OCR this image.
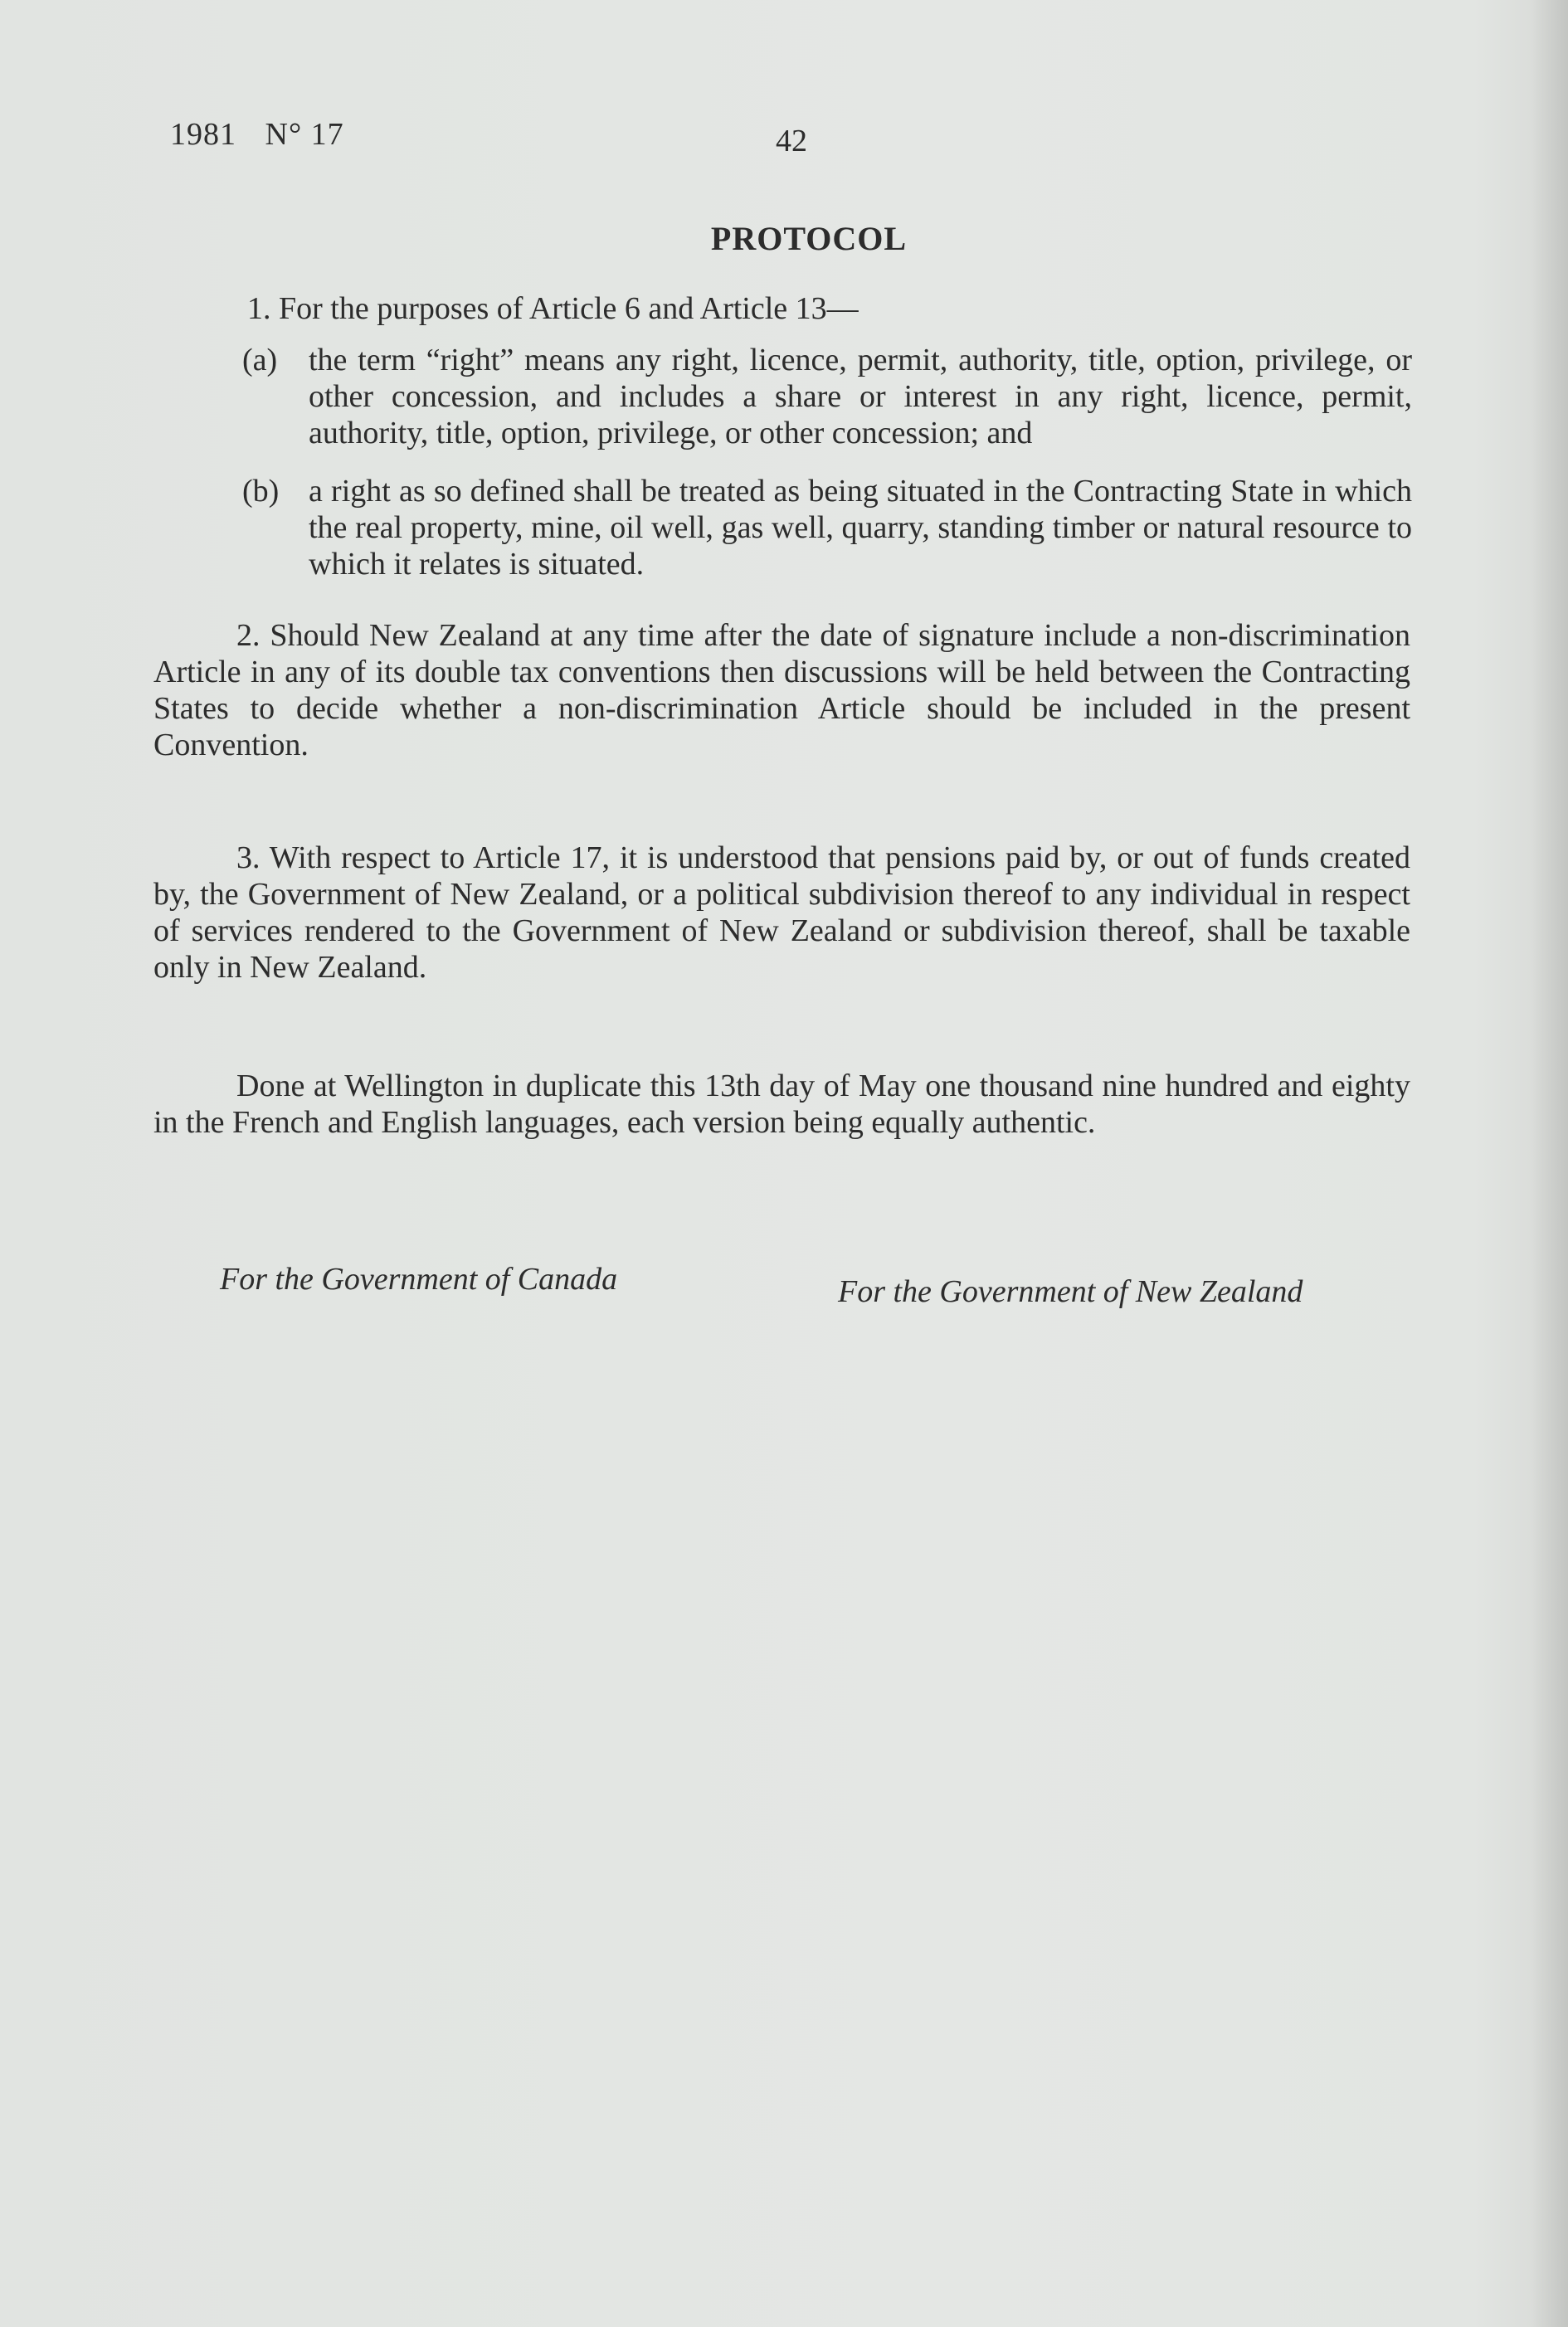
1981 N° 17	42
PROTOCOL
1. For the purposes of Article 6 and Article 13—
(a) the term “right” means any right, licence, permit, authority, title, option, privilege, or other concession, and includes a share or interest in any right, licence, permit, authority, title, option, privilege, or other concession; and
(b) a right as so defined shall be treated as being situated in the Contracting State in which the real property, mine, oil well, gas well, quarry, standing timber or natural resource to which it relates is situated.
2. Should New Zealand at any time after the date of signature include a non-discrimination Article in any of its double tax conventions then discussions will be held between the Contracting States to decide whether a non-discrimination Article should be included in the present Convention.
3. With respect to Article 17, it is understood that pensions paid by, or out of funds created by, the Government of New Zealand, or a political subdivision thereof to any individual in respect of services rendered to the Government of New Zealand or subdivision thereof, shall be taxable only in New Zealand.
Done at Wellington in duplicate this 13th day of May one thousand nine hundred and eighty in the French and English languages, each version being equally authentic.
For the Government of Canada	For the Government of New Zealand
